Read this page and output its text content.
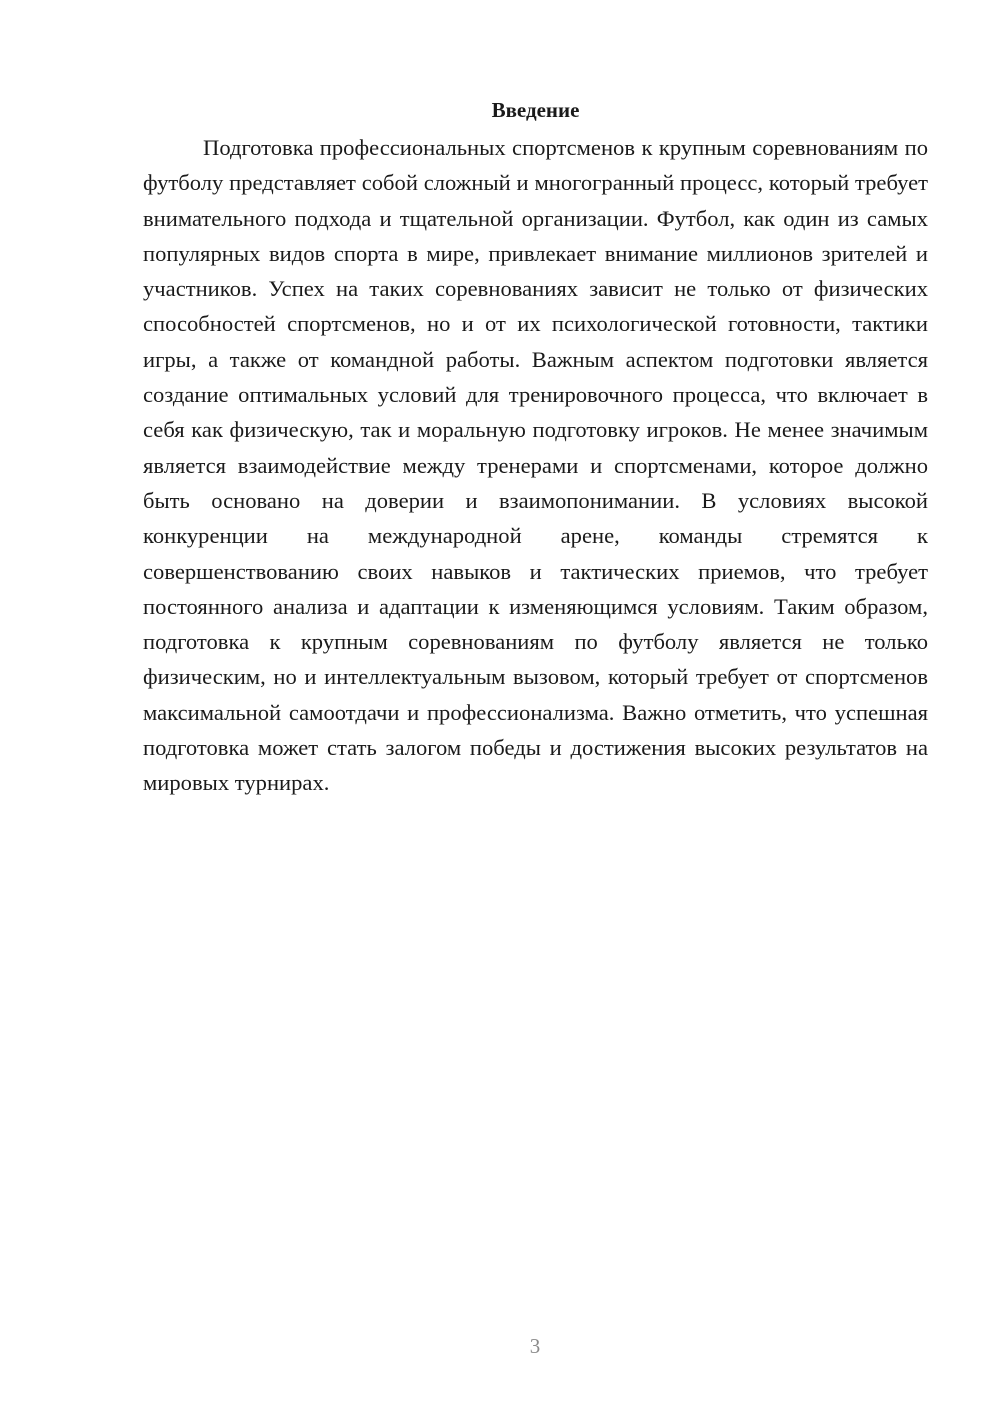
Введение

Подготовка профессиональных спортсменов к крупным соревнованиям по футболу представляет собой сложный и многогранный процесс, который требует внимательного подхода и тщательной организации. Футбол, как один из самых популярных видов спорта в мире, привлекает внимание миллионов зрителей и участников. Успех на таких соревнованиях зависит не только от физических способностей спортсменов, но и от их психологической готовности, тактики игры, а также от командной работы. Важным аспектом подготовки является создание оптимальных условий для тренировочного процесса, что включает в себя как физическую, так и моральную подготовку игроков. Не менее значимым является взаимодействие между тренерами и спортсменами, которое должно быть основано на доверии и взаимопонимании. В условиях высокой конкуренции на международной арене, команды стремятся к совершенствованию своих навыков и тактических приемов, что требует постоянного анализа и адаптации к изменяющимся условиям. Таким образом, подготовка к крупным соревнованиям по футболу является не только физическим, но и интеллектуальным вызовом, который требует от спортсменов максимальной самоотдачи и профессионализма. Важно отметить, что успешная подготовка может стать залогом победы и достижения высоких результатов на мировых турнирах.

3
